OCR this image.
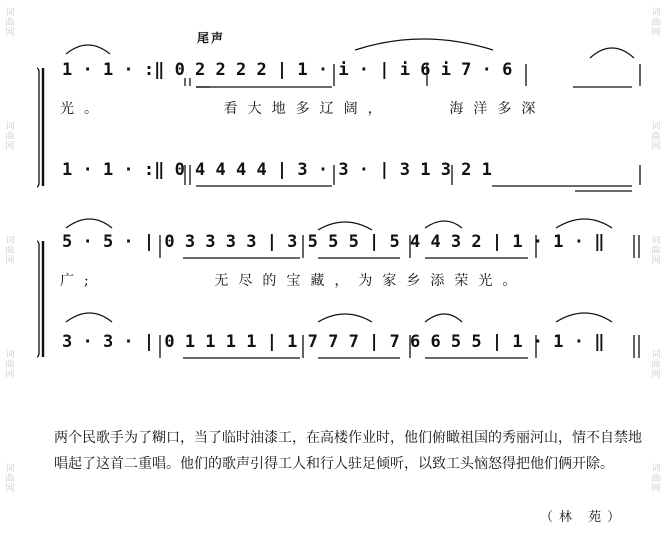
词
曲
网
词
曲
网
词
曲
网
词
曲
网
词
曲
网
词
曲
网
词
曲
网
词
曲
网
词
曲
网
词
曲
网
尾声
1 · 1 · :‖ 0 2 2 2 2 | 1 · i · | i 6 i 7 · 6
光。        看大地多辽阔，    海洋多深
1 · 1 · :‖ 0 4 4 4 4 | 3 · 3 · | 3 1 3 2 1
5 · 5 · | 0 3 3 3 3 | 3 5 5 5 | 5 4 4 3 2 | 1 · 1 · ‖
广;        无尽的宝藏，为家乡添荣光。
3 · 3 · | 0 1 1 1 1 | 1 7 7 7 | 7 6 6 5 5 | 1 · 1 · ‖

两个民歌手为了糊口，当了临时油漆工，在高楼作业时，他们俯瞰祖国的秀丽河山，情不自禁地唱起了这首二重唱。他们的歌声引得工人和行人驻足倾听，以致工头恼怒得把他们俩开除。

（林 苑）
